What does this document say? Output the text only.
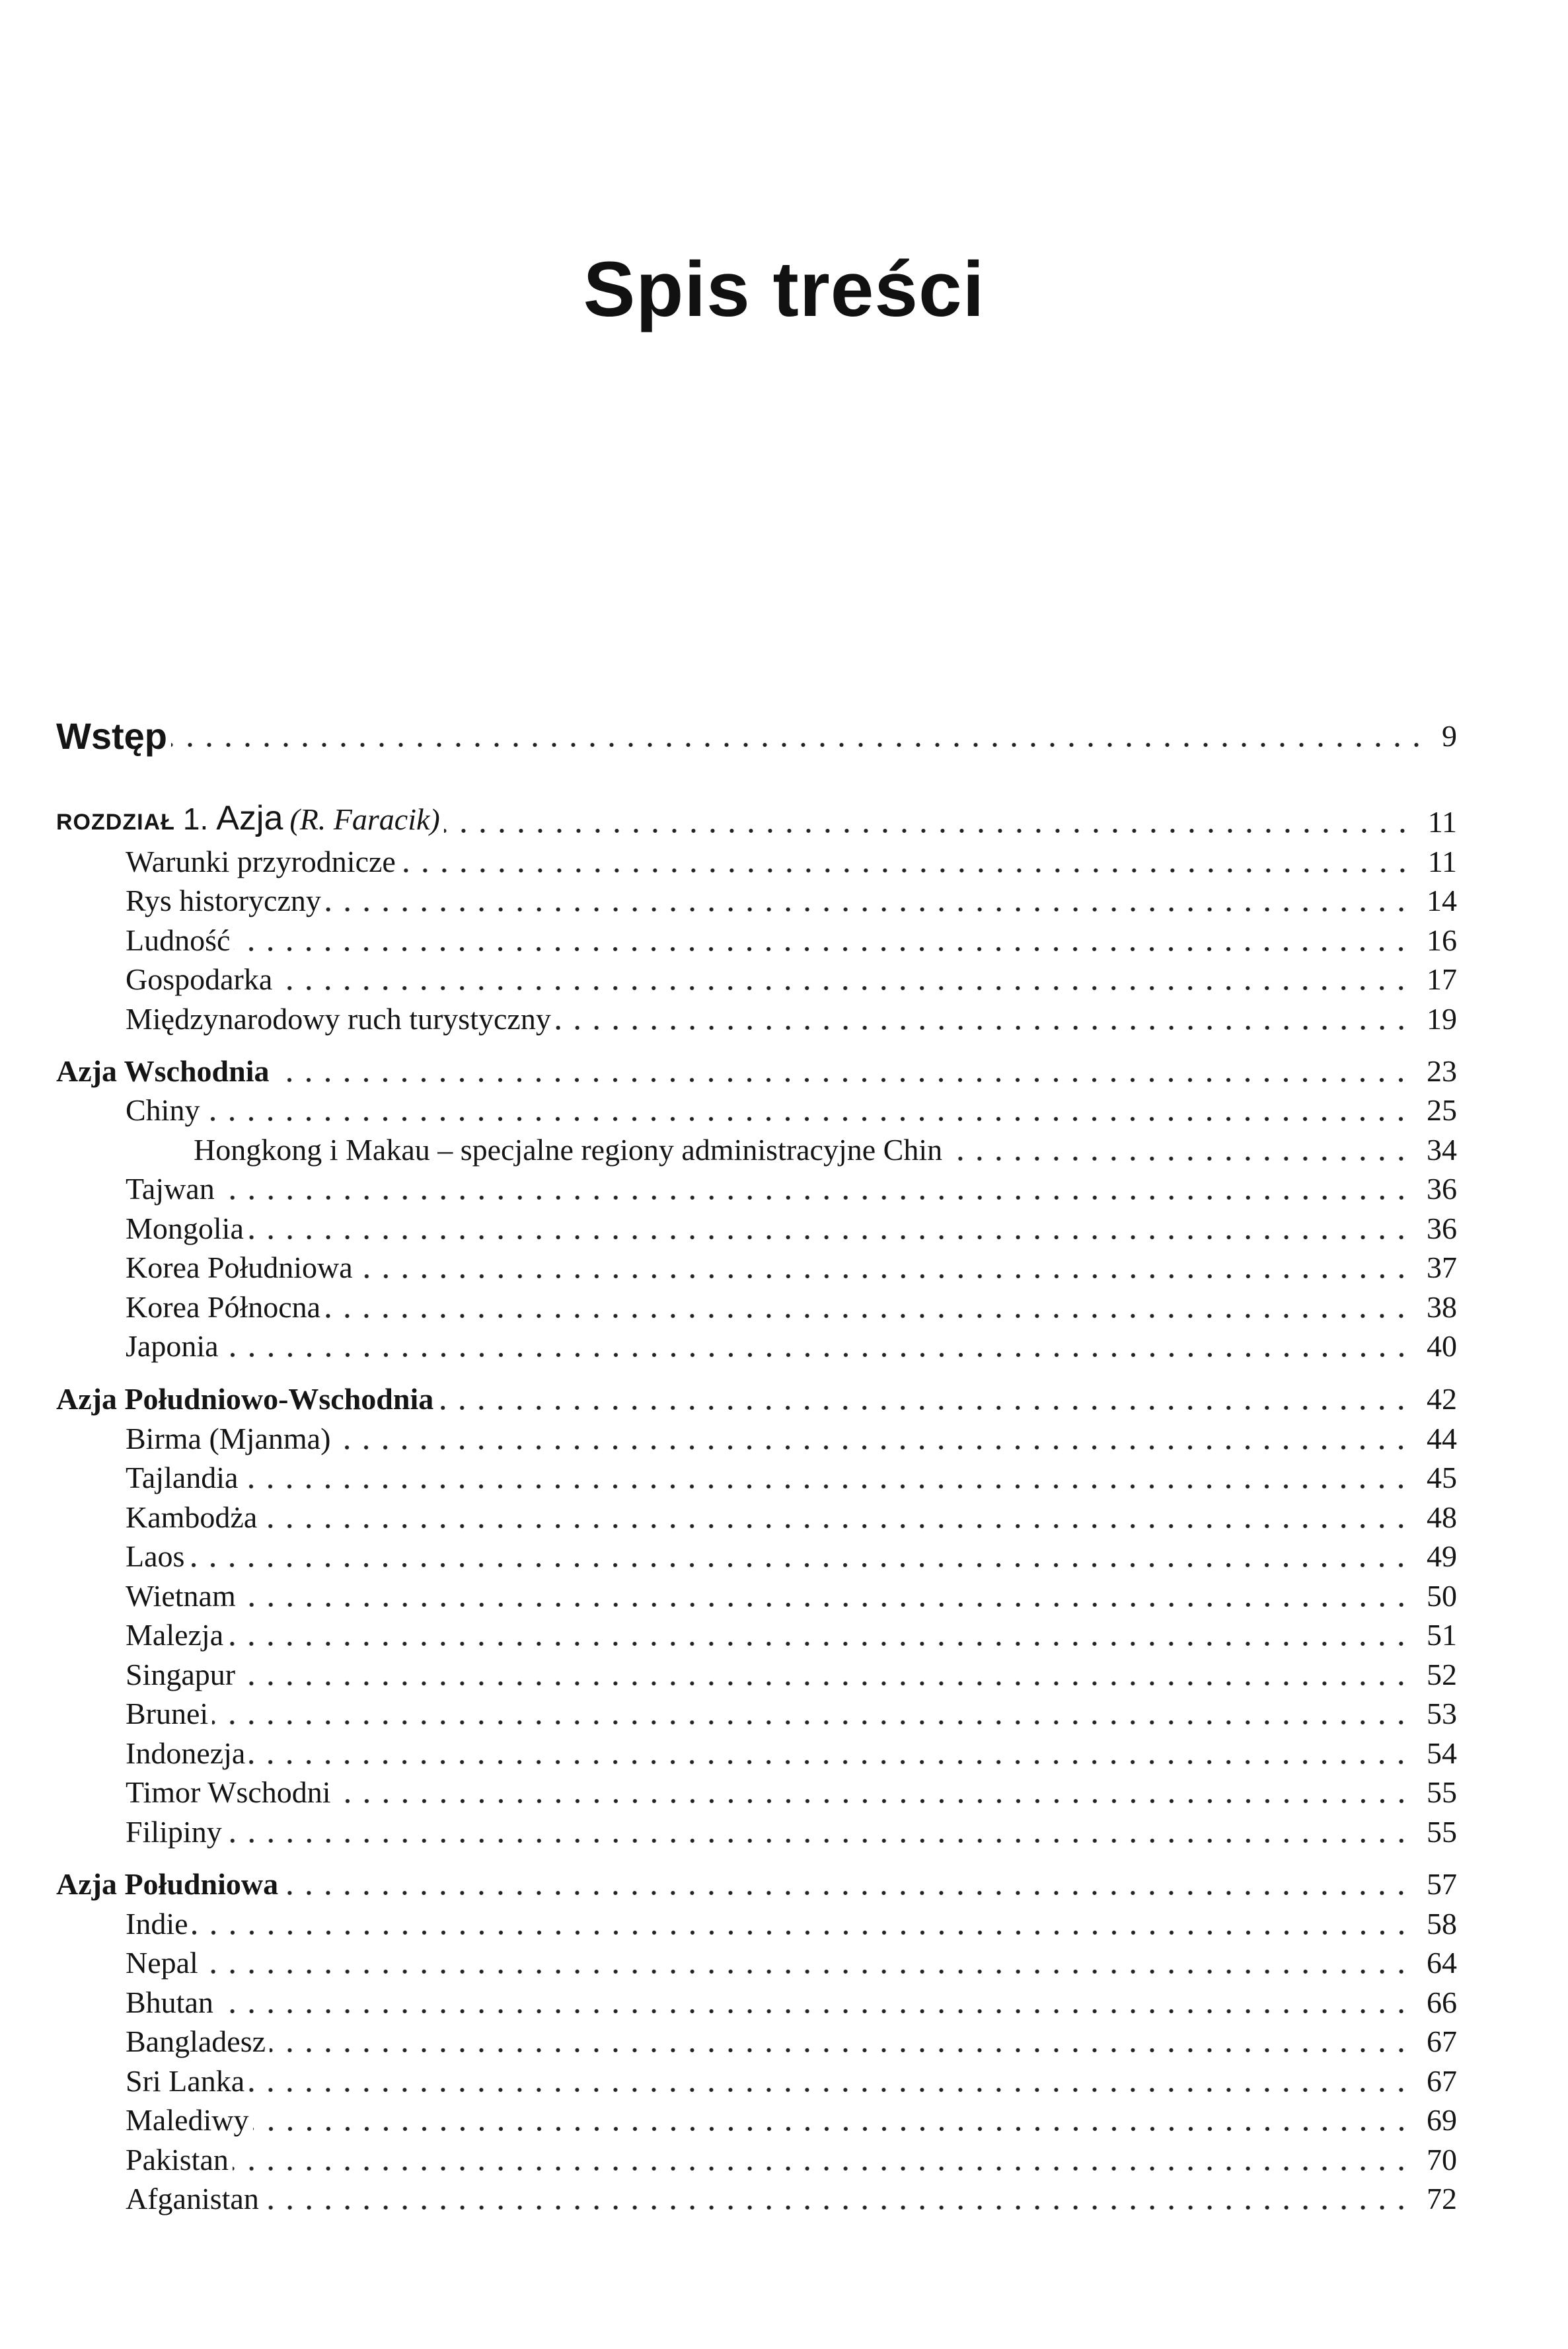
Spis treści
Wstęp	9
ROZDZIAŁ 1. Azja (R. Faracik)	11
Warunki przyrodnicze	11
Rys historyczny	14
Ludność	16
Gospodarka	17
Międzynarodowy ruch turystyczny	19
Azja Wschodnia	23
Chiny	25
Hongkong i Makau – specjalne regiony administracyjne Chin	34
Tajwan	36
Mongolia	36
Korea Południowa	37
Korea Północna	38
Japonia	40
Azja Południowo-Wschodnia	42
Birma (Mjanma)	44
Tajlandia	45
Kambodża	48
Laos	49
Wietnam	50
Malezja	51
Singapur	52
Brunei	53
Indonezja	54
Timor Wschodni	55
Filipiny	55
Azja Południowa	57
Indie	58
Nepal	64
Bhutan	66
Bangladesz	67
Sri Lanka	67
Malediwy	69
Pakistan	70
Afganistan	72
